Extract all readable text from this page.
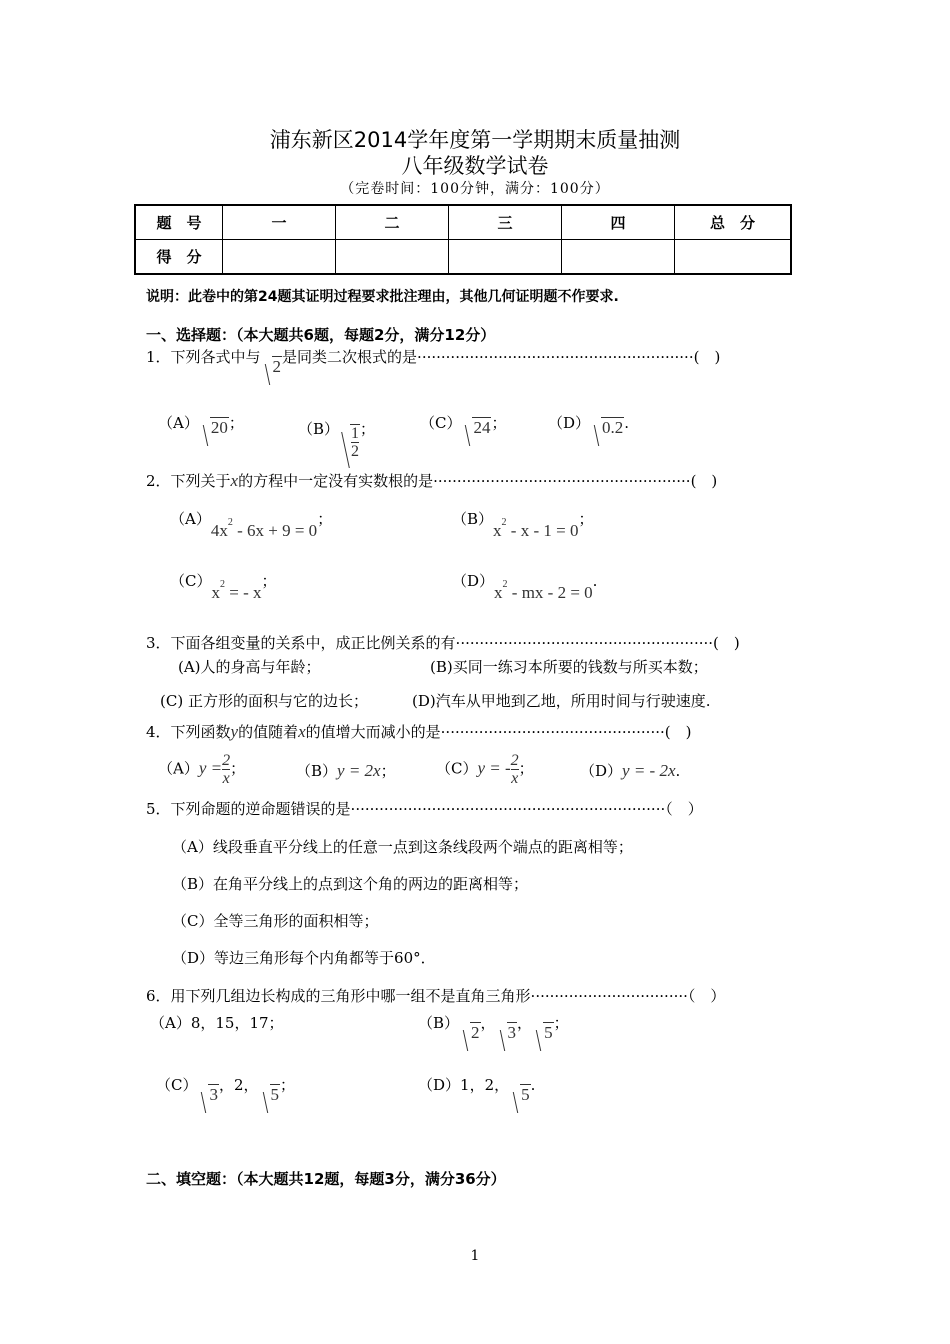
浦东新区2014学年度第一学期期末质量抽测
八年级数学试卷
（完卷时间：100分钟，满分：100分）
题　号	一	二	三	四	总　分
得　分					
说明：此卷中的第24题其证明过程要求批注理由，其他几何证明题不作要求.
一、选择题：（本大题共6题，每题2分，满分12分）
1．下列各式中与 2是同类二次根式的是··························································(　)
（A） 20；	$(B) \frac{1}{2}$ ；	（C） 24；	（D） 0.2.
2．下列关于x的方程中一定没有实数根的是······················································(　)
$(A)4x^2 - 6x + 9 = 0$；	$(B)x^2 - x - 1 = 0$；
$(C)x^2$ = - x；	$(D)x^2$ - mx - 2 = 0.
3．下面各组变量的关系中，成正比例关系的有······················································(　)
(A)人的身高与年龄；	(B)买同一练习本所要的钱数与所买本数；
(C) 正方形的面积与它的边长；	(D)汽车从甲地到乙地，所用时间与行驶速度.
4．下列函数y的值随着x的值增大而减小的是···············································(　)
$(A)y = \frac{2}{x}$ ；	（B）y = 2x；	（C）y = - $\frac{2}{x}$ ；	（D）y = - 2x.
5．下列命题的逆命题错误的是··································································（　）
（A）线段垂直平分线上的任意一点到这条线段两个端点的距离相等；
（B）在角平分线上的点到这个角的两边的距离相等；
（C）全等三角形的面积相等；
（D）等边三角形每个内角都等于60°．
6．用下列几组边长构成的三角形中哪一组不是直角三角形·································（　）
（A）8，15，17；	（B） 2， 3， 5；
（C） 3，2， 5；	（D）1，2， 5.
二、填空题：（本大题共12题，每题3分，满分36分）
1
